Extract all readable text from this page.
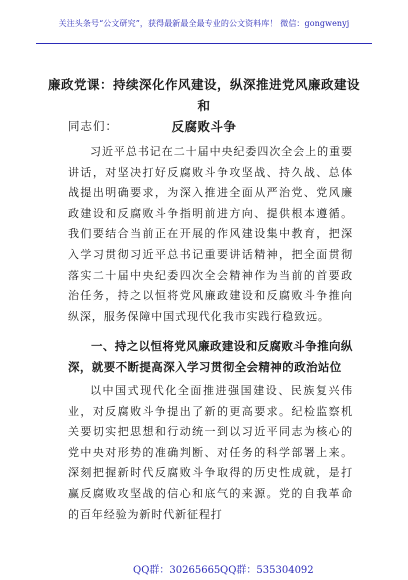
关注头条号“公文研究”，获得最新最全最专业的公文资料库！ 微信：gongwenyj
廉政党课：持续深化作风建设，纵深推进党风廉政建设和
反腐败斗争
同志们：

习近平总书记在二十届中央纪委四次全会上的重要讲话，对坚决打好反腐败斗争攻坚战、持久战、总体战提出明确要求，为深入推进全面从严治党、党风廉政建设和反腐败斗争指明前进方向、提供根本遵循。我们要结合当前正在开展的作风建设集中教育，把深入学习贯彻习近平总书记重要讲话精神，把全面贯彻落实二十届中央纪委四次全会精神作为当前的首要政治任务，持之以恒将党风廉政建设和反腐败斗争推向纵深，服务保障中国式现代化我市实践行稳致远。

一、持之以恒将党风廉政建设和反腐败斗争推向纵深，就要不断提高深入学习贯彻全会精神的政治站位

以中国式现代化全面推进强国建设、民族复兴伟业，对反腐败斗争提出了新的更高要求。纪检监察机关要切实把思想和行动统一到以习近平同志为核心的党中央对形势的准确判断、对任务的科学部署上来。深刻把握新时代反腐败斗争取得的历史性成就，是打赢反腐败攻坚战的信心和底气的来源。党的自我革命的百年经验为新时代新征程打

QQ群：30265665 QQ群：535304092
